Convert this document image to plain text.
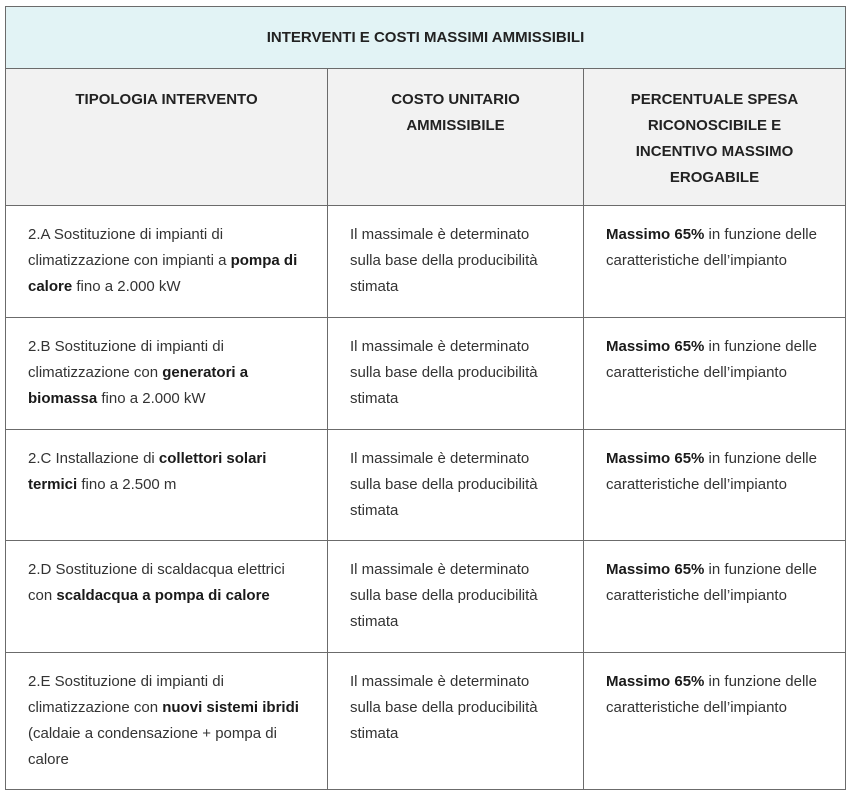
INTERVENTI E COSTI MASSIMI AMMISSIBILI		
TIPOLOGIA INTERVENTO	COSTO UNITARIO AMMISSIBILE	PERCENTUALE SPESA RICONOSCIBILE E INCENTIVO MASSIMO EROGABILE
2.A Sostituzione di impianti di climatizzazione con impianti a pompa di calore fino a 2.000 kW	Il massimale è determinato sulla base della producibilità stimata	Massimo 65% in funzione delle caratteristiche dell’impianto
2.B Sostituzione di impianti di climatizzazione con generatori a biomassa fino a 2.000 kW	Il massimale è determinato sulla base della producibilità stimata	Massimo 65% in funzione delle caratteristiche dell’impianto
2.C Installazione di collettori solari termici fino a 2.500 m	Il massimale è determinato sulla base della producibilità stimata	Massimo 65% in funzione delle caratteristiche dell’impianto
2.D Sostituzione di scaldacqua elettrici con scaldacqua a pompa di calore	Il massimale è determinato sulla base della producibilità stimata	Massimo 65% in funzione delle caratteristiche dell’impianto
2.E Sostituzione di impianti di climatizzazione con nuovi sistemi ibridi (caldaie a condensazione + pompa di calore	Il massimale è determinato sulla base della producibilità stimata	Massimo 65% in funzione delle caratteristiche dell’impianto
